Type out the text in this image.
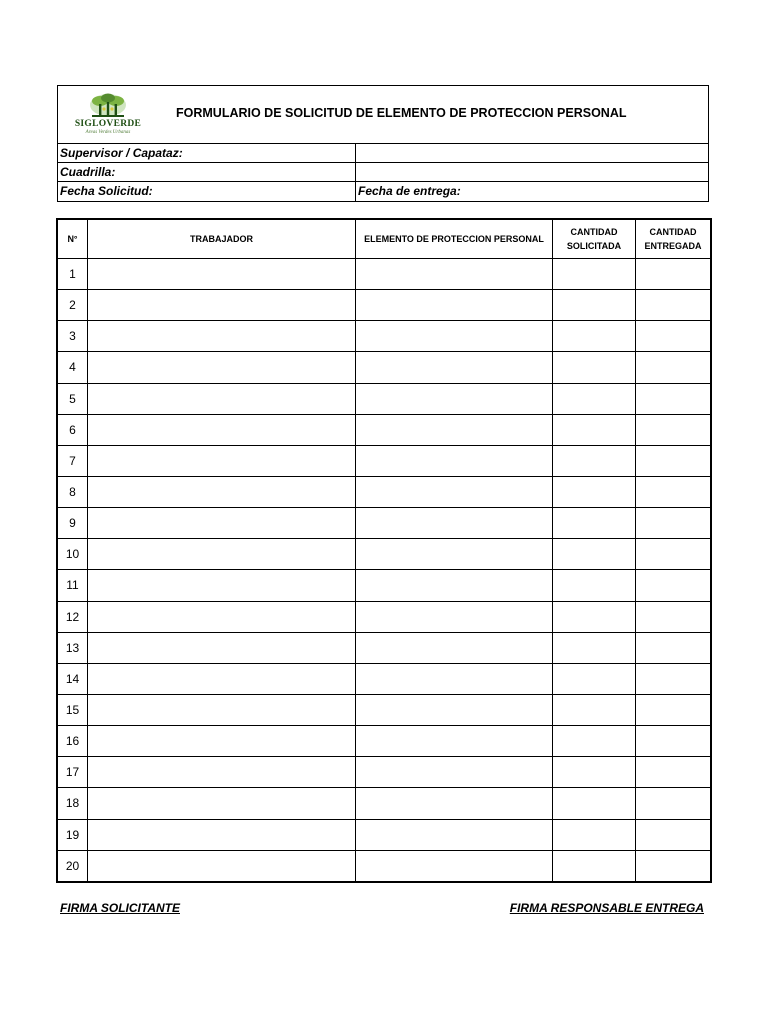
SIGLOVERDE
Areas Verdes Urbanas
FORMULARIO DE SOLICITUD DE ELEMENTO DE PROTECCION PERSONAL
Supervisor / Capataz:
Cuadrilla:
Fecha Solicitud:	Fecha de entrega:
N°	TRABAJADOR	ELEMENTO DE PROTECCION PERSONAL	CANTIDAD SOLICITADA	CANTIDAD ENTREGADA
1				
2				
3				
4				
5				
6				
7				
8				
9				
10				
11				
12				
13				
14				
15				
16				
17				
18				
19				
20				
FIRMA SOLICITANTE	FIRMA RESPONSABLE ENTREGA
